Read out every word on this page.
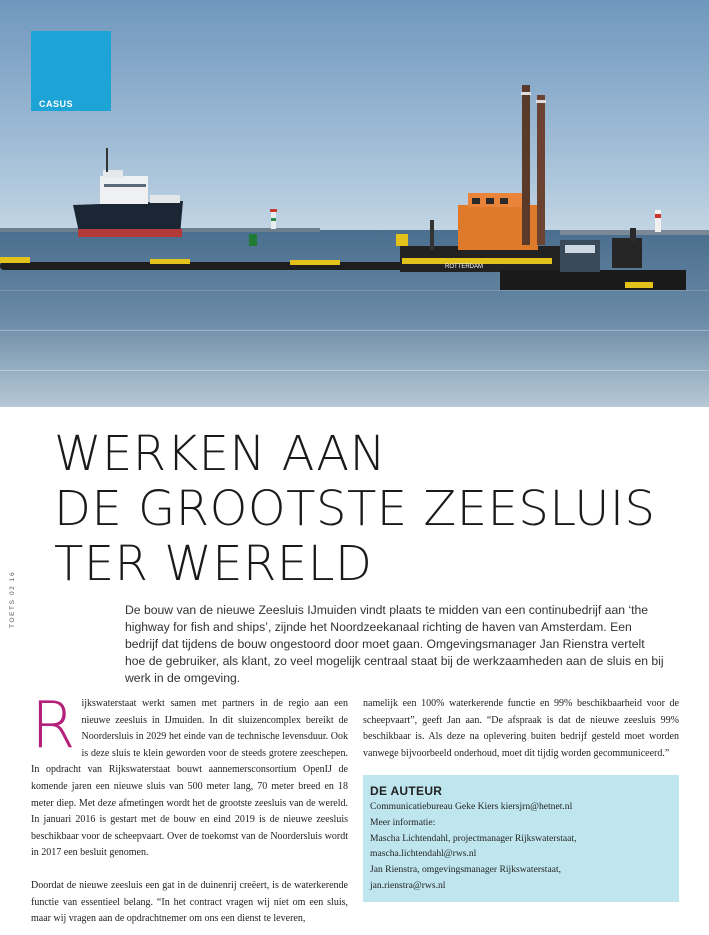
ROTTERDAM
CASUS
TOETS 02 16
WERKEN AAN
DE GROOTSTE ZEESLUIS
TER WERELD

De bouw van de nieuwe Zeesluis IJmuiden vindt plaats te midden van een continubedrijf aan ‘the highway for fish and ships’, zijnde het Noordzeekanaal richting de haven van Amsterdam. Een bedrijf dat tijdens de bouw ongestoord door moet gaan. Omgevingsmanager Jan Rienstra vertelt hoe de gebruiker, als klant, zo veel mogelijk centraal staat bij de werkzaamheden aan de sluis en bij werk in de omgeving.

Rijkswaterstaat werkt samen met partners in de regio aan een nieuwe zeesluis in IJmuiden. In dit sluizencomplex bereikt de Noordersluis in 2029 het einde van de technische levensduur. Ook is deze sluis te klein geworden voor de steeds grotere zeeschepen. In opdracht van Rijkswaterstaat bouwt aannemersconsortium OpenIJ de komende jaren een nieuwe sluis van 500 meter lang, 70 meter breed en 18 meter diep. Met deze afmetingen wordt het de grootste zeesluis van de wereld. In januari 2016 is gestart met de bouw en eind 2019 is de nieuwe zeesluis beschikbaar voor de scheepvaart. Over de toekomst van de Noordersluis wordt in 2017 een besluit genomen.

Doordat de nieuwe zeesluis een gat in de duinenrij creëert, is de waterkerende functie van essentieel belang. “In het contract vragen wij niet om een sluis, maar wij vragen aan de opdrachtnemer om ons een dienst te leveren,

namelijk een 100% waterkerende functie en 99% beschikbaarheid voor de scheepvaart”, geeft Jan aan. “De afspraak is dat de nieuwe zeesluis 99% beschikbaar is. Als deze na oplevering buiten bedrijf gesteld moet worden vanwege bijvoorbeeld onderhoud, moet dit tijdig worden gecommuniceerd.”

DE AUTEUR
Communicatiebureau Geke Kiers kiersjrn@hetnet.nl
Meer informatie:
Mascha Lichtendahl, projectmanager Rijkswaterstaat,
mascha.lichtendahl@rws.nl
Jan Rienstra, omgevingsmanager Rijkswaterstaat,
jan.rienstra@rws.nl
